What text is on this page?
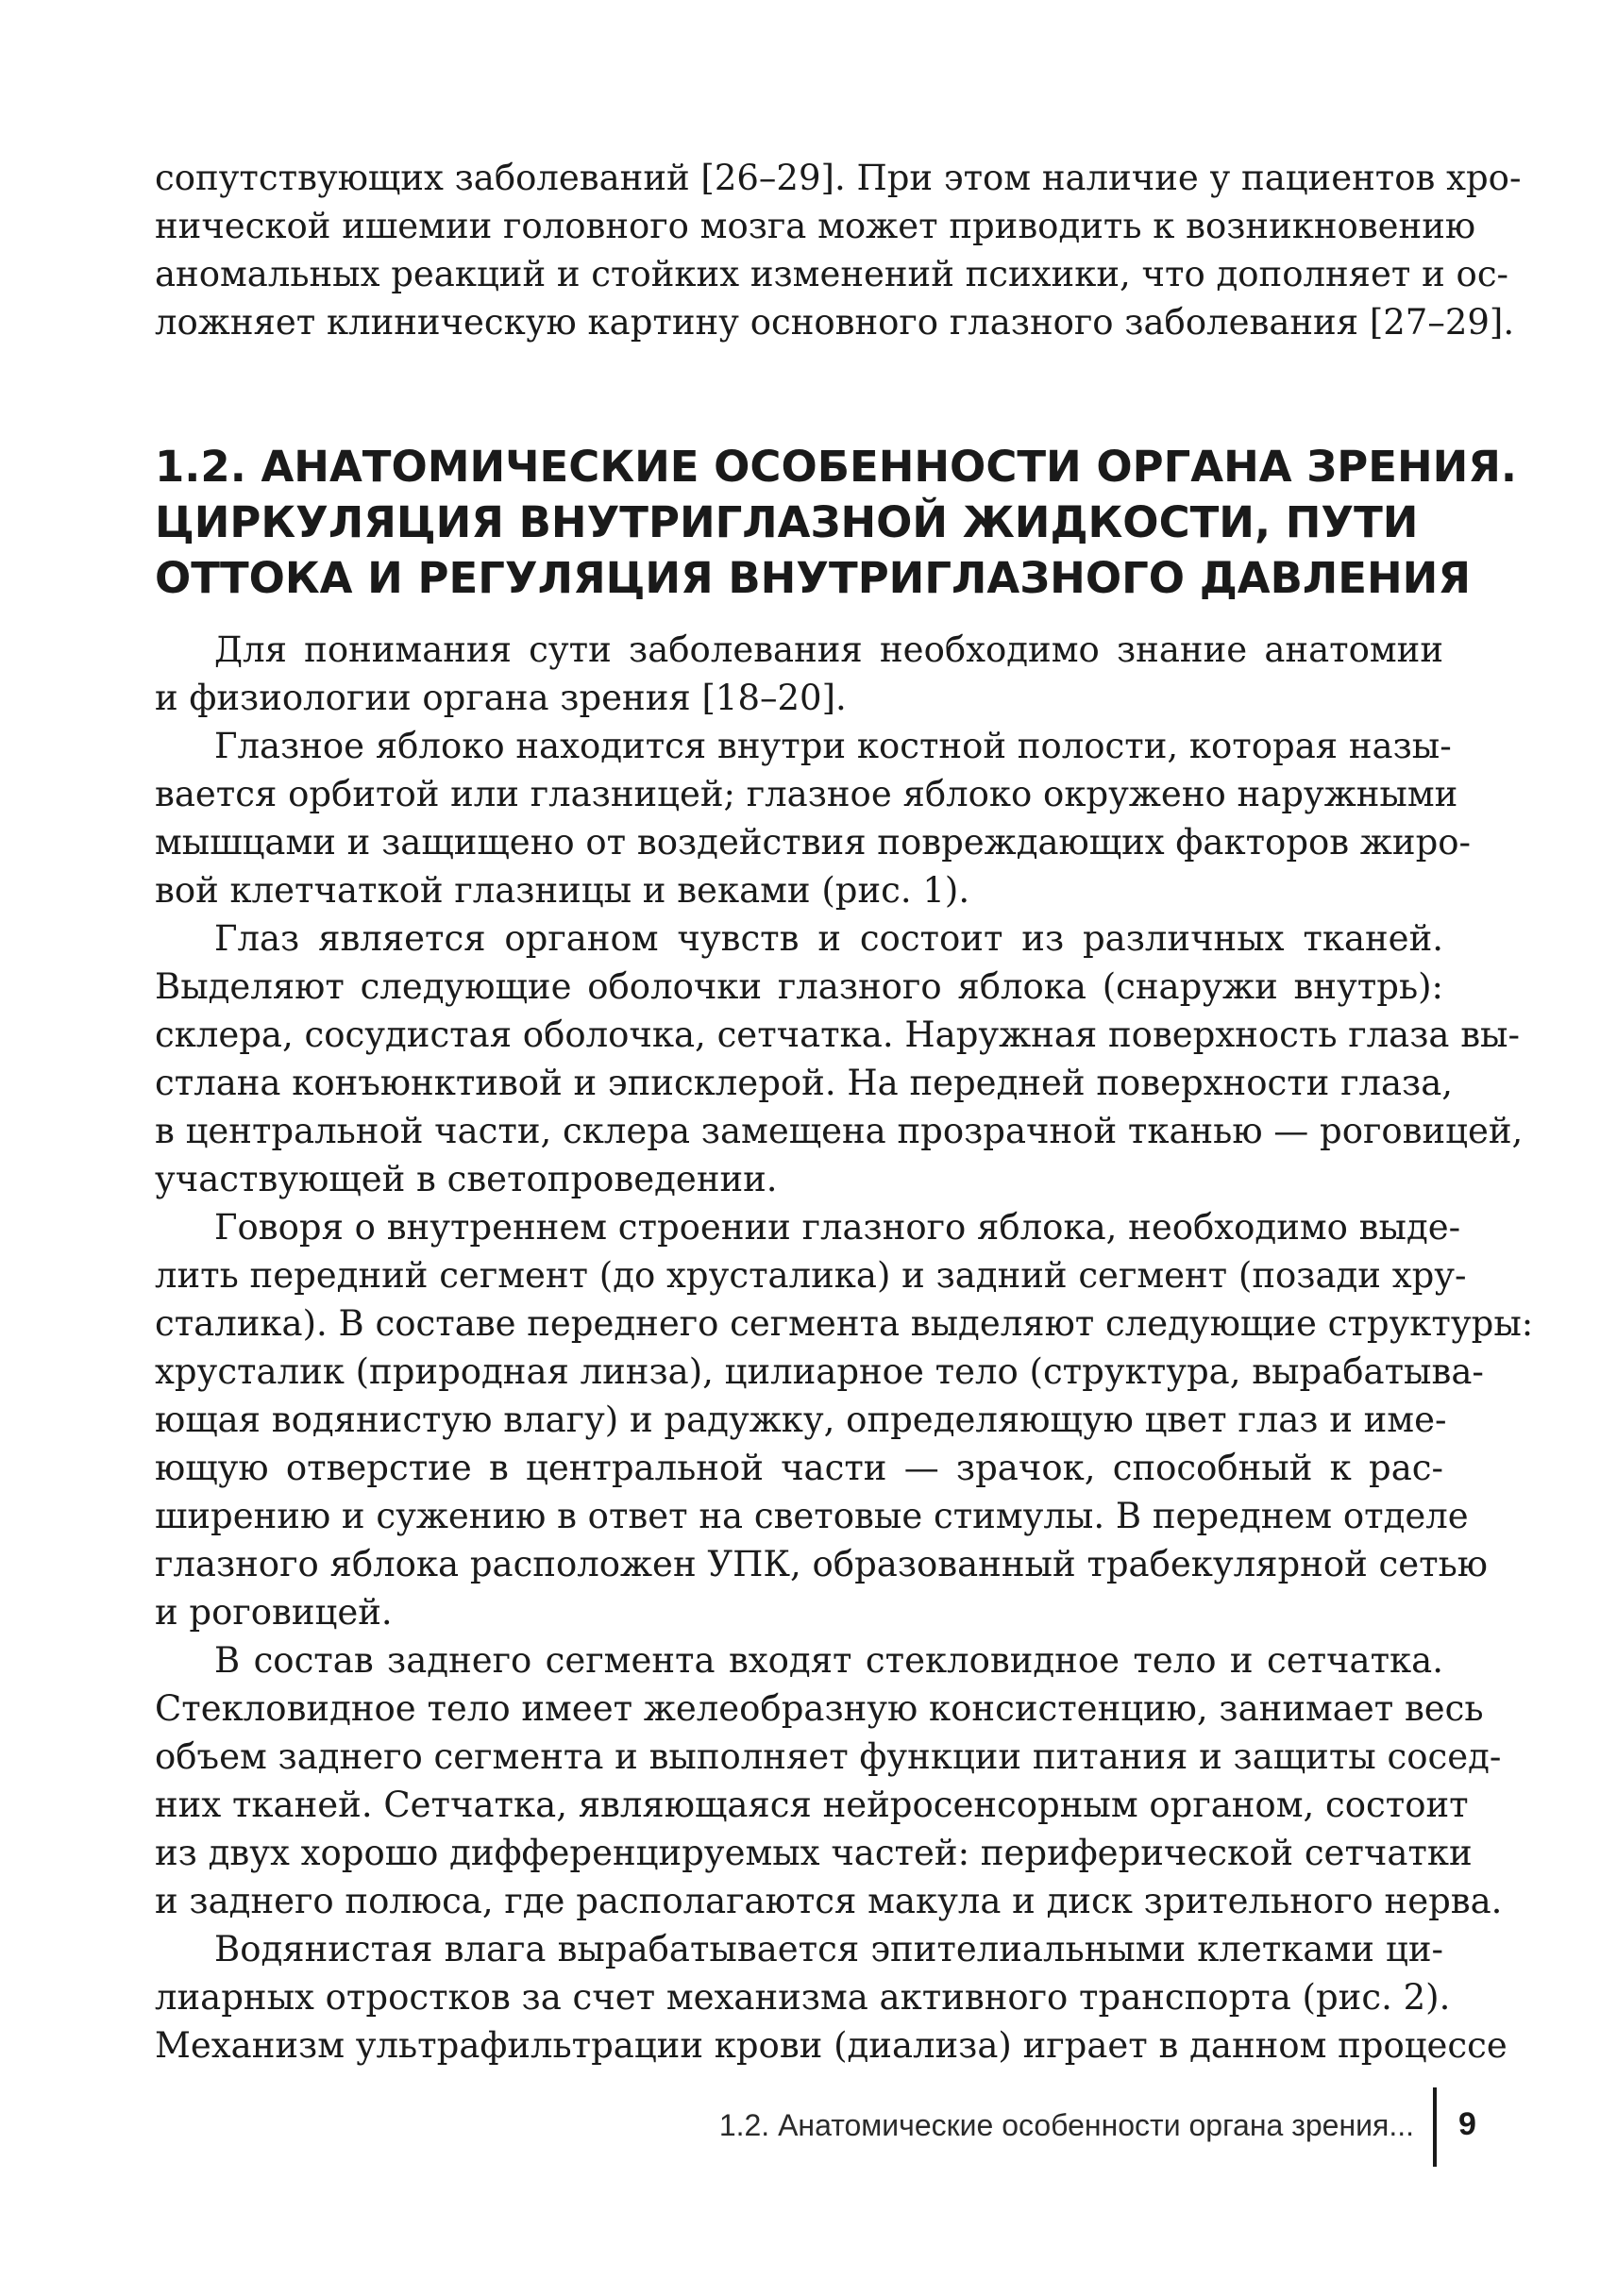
сопутствующих заболеваний [26–29]. При этом наличие у пациентов хро-
нической ишемии головного мозга может приводить к возникновению
аномальных реакций и стойких изменений психики, что дополняет и ос-
ложняет клиническую картину основного глазного заболевания [27–29].
1.2. АНАТОМИЧЕСКИЕ ОСОБЕННОСТИ ОРГАНА ЗРЕНИЯ.
ЦИРКУЛЯЦИЯ ВНУТРИГЛАЗНОЙ ЖИДКОСТИ, ПУТИ
ОТТОКА И РЕГУЛЯЦИЯ ВНУТРИГЛАЗНОГО ДАВЛЕНИЯ
Для понимания сути заболевания необходимо знание анатомии
и физиологии органа зрения [18–20].
Глазное яблоко находится внутри костной полости, которая назы-
вается орбитой или глазницей; глазное яблоко окружено наружными
мышцами и защищено от воздействия повреждающих факторов жиро-
вой клетчаткой глазницы и веками (рис. 1).
Глаз является органом чувств и состоит из различных тканей.
Выделяют следующие оболочки глазного яблока (снаружи внутрь):
склера, сосудистая оболочка, сетчатка. Наружная поверхность глаза вы-
стлана конъюнктивой и эписклерой. На передней поверхности глаза,
в центральной части, склера замещена прозрачной тканью — роговицей,
участвующей в светопроведении.
Говоря о внутреннем строении глазного яблока, необходимо выде-
лить передний сегмент (до хрусталика) и задний сегмент (позади хру-
сталика). В составе переднего сегмента выделяют следующие структуры:
хрусталик (природная линза), цилиарное тело (структура, вырабатыва-
ющая водянистую влагу) и радужку, определяющую цвет глаз и име-
ющую отверстие в центральной части — зрачок, способный к рас-
ширению и сужению в ответ на световые стимулы. В переднем отделе
глазного яблока расположен УПК, образованный трабекулярной сетью
и роговицей.
В состав заднего сегмента входят стекловидное тело и сетчатка.
Стекловидное тело имеет желеобразную консистенцию, занимает весь
объем заднего сегмента и выполняет функции питания и защиты сосед-
них тканей. Сетчатка, являющаяся нейросенсорным органом, состоит
из двух хорошо дифференцируемых частей: периферической сетчатки
и заднего полюса, где располагаются макула и диск зрительного нерва.
Водянистая влага вырабатывается эпителиальными клетками ци-
лиарных отростков за счет механизма активного транспорта (рис. 2).
Механизм ультрафильтрации крови (диализа) играет в данном процессе
1.2. Анатомические особенности органа зрения... 9
